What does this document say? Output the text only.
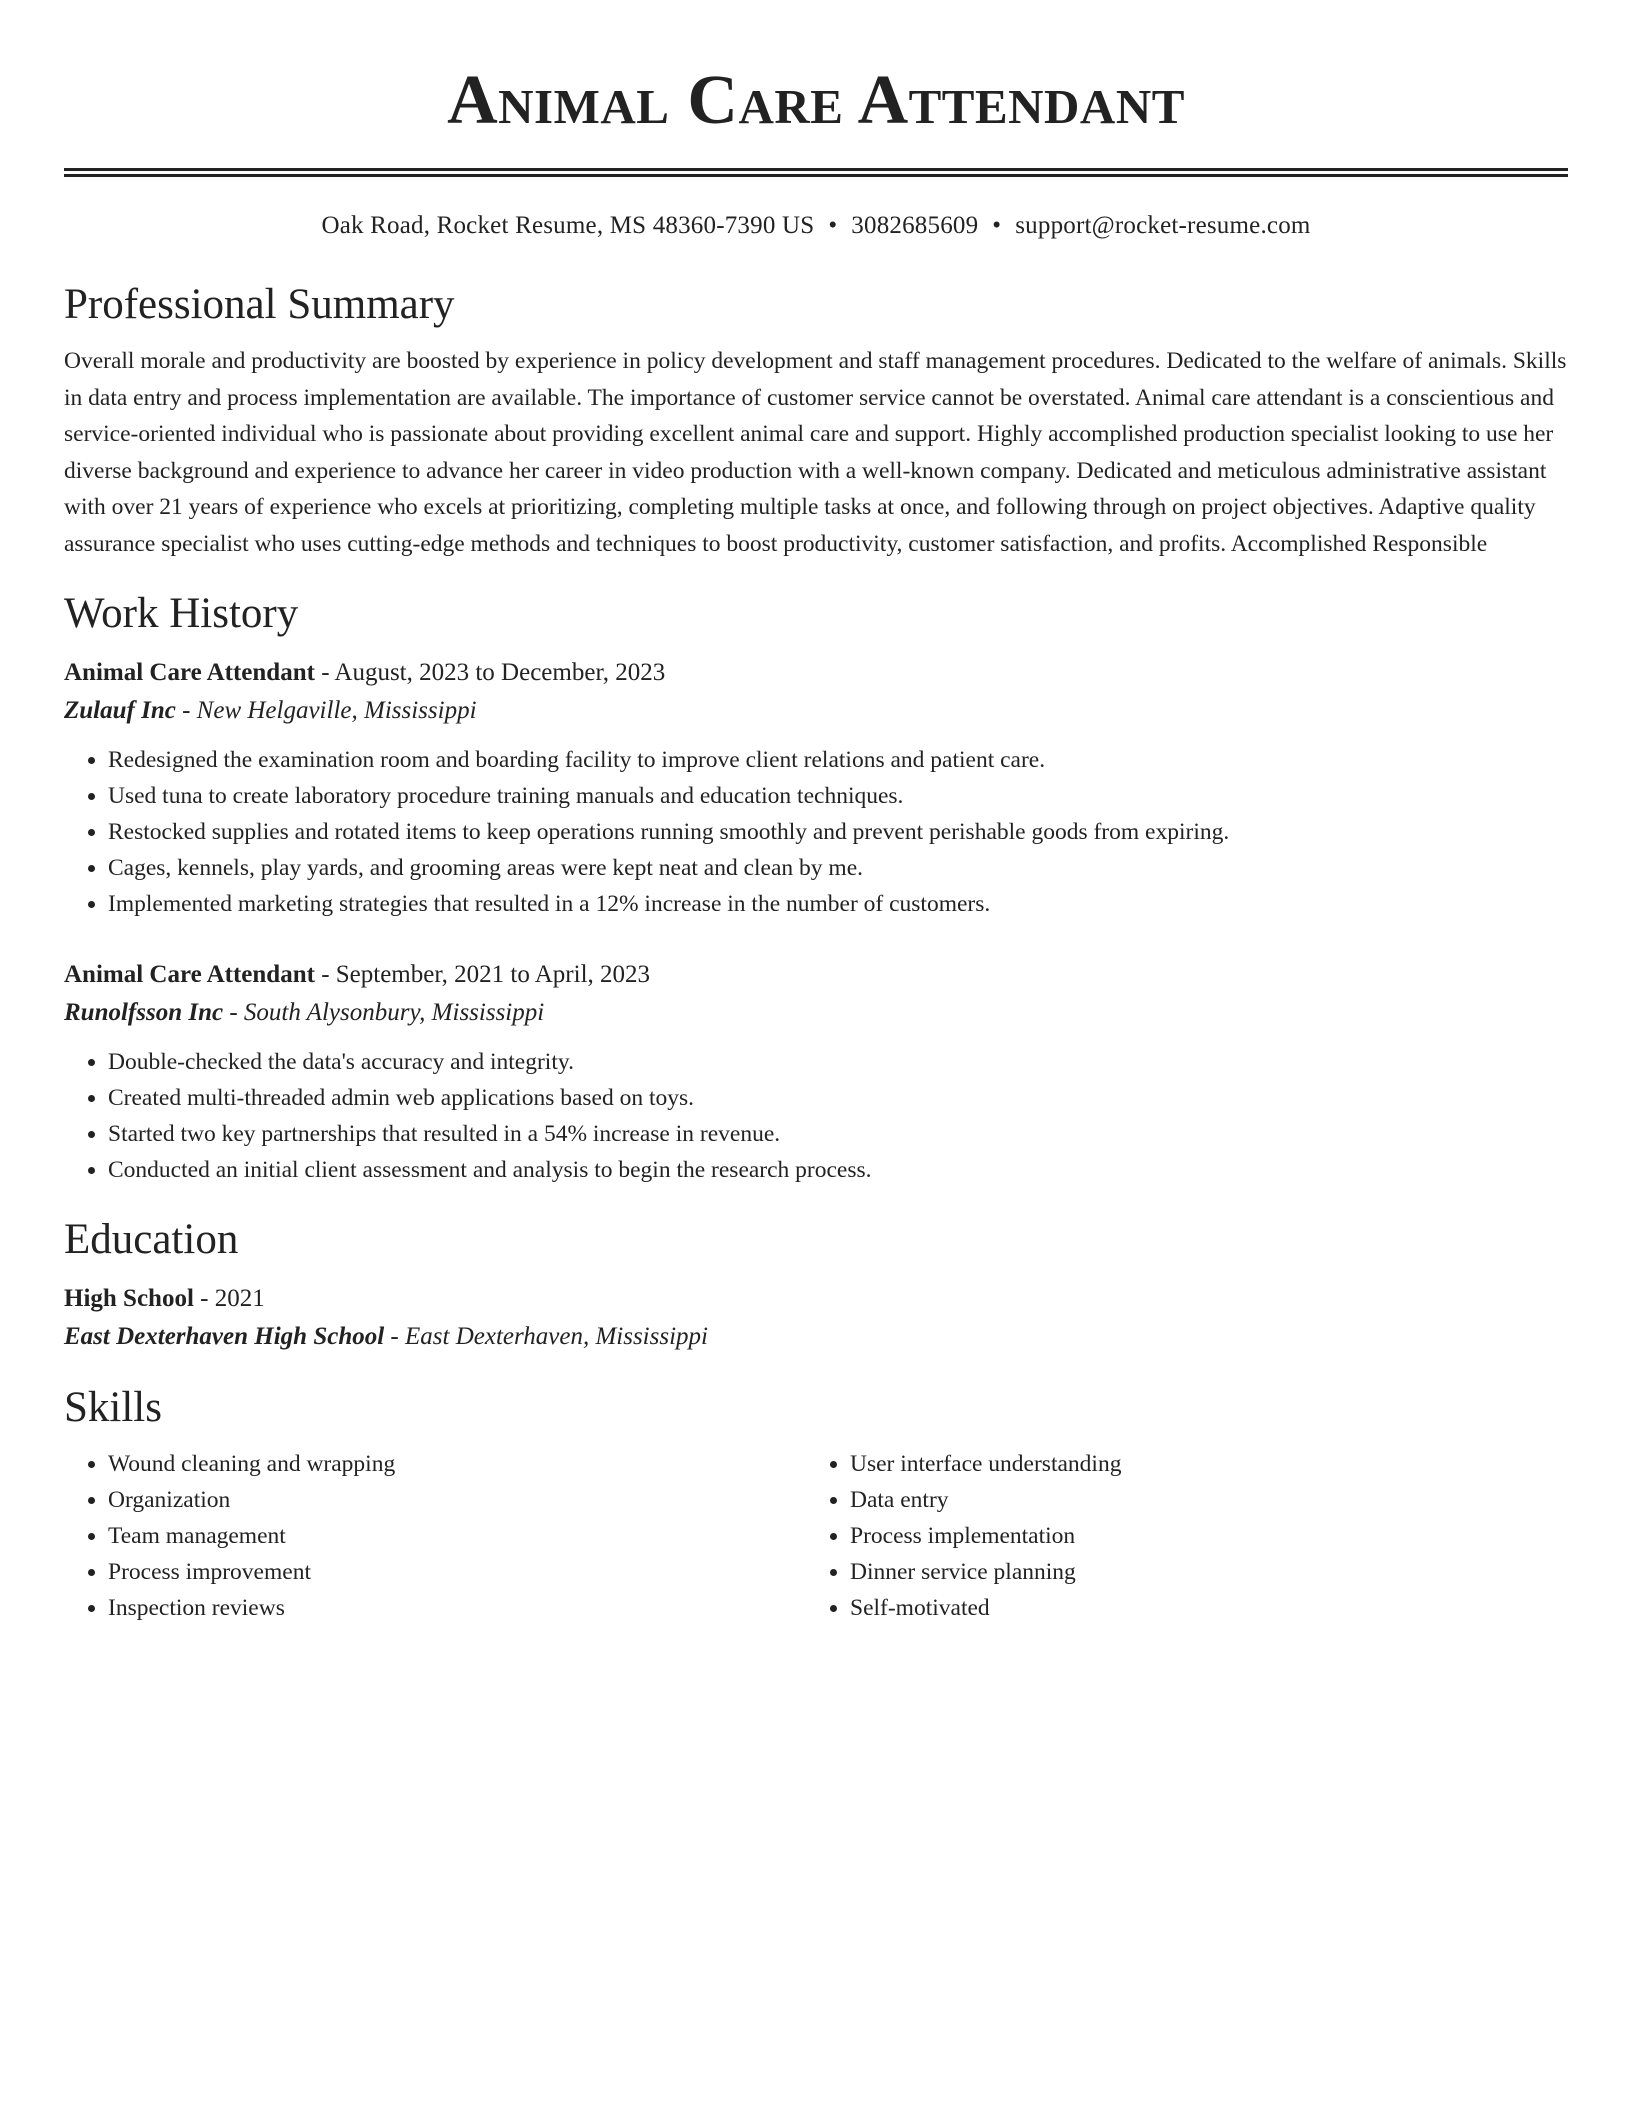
Animal Care Attendant
Oak Road, Rocket Resume, MS 48360-7390 US • 3082685609 • support@rocket-resume.com
Professional Summary
Overall morale and productivity are boosted by experience in policy development and staff management procedures. Dedicated to the welfare of animals. Skills in data entry and process implementation are available. The importance of customer service cannot be overstated. Animal care attendant is a conscientious and service-oriented individual who is passionate about providing excellent animal care and support. Highly accomplished production specialist looking to use her diverse background and experience to advance her career in video production with a well-known company. Dedicated and meticulous administrative assistant with over 21 years of experience who excels at prioritizing, completing multiple tasks at once, and following through on project objectives. Adaptive quality assurance specialist who uses cutting-edge methods and techniques to boost productivity, customer satisfaction, and profits. Accomplished Responsible
Work History
Animal Care Attendant - August, 2023 to December, 2023
Zulauf Inc - New Helgaville, Mississippi
• Redesigned the examination room and boarding facility to improve client relations and patient care.
• Used tuna to create laboratory procedure training manuals and education techniques.
• Restocked supplies and rotated items to keep operations running smoothly and prevent perishable goods from expiring.
• Cages, kennels, play yards, and grooming areas were kept neat and clean by me.
• Implemented marketing strategies that resulted in a 12% increase in the number of customers.
Animal Care Attendant - September, 2021 to April, 2023
Runolfsson Inc - South Alysonbury, Mississippi
• Double-checked the data's accuracy and integrity.
• Created multi-threaded admin web applications based on toys.
• Started two key partnerships that resulted in a 54% increase in revenue.
• Conducted an initial client assessment and analysis to begin the research process.
Education
High School - 2021
East Dexterhaven High School - East Dexterhaven, Mississippi
Skills
• Wound cleaning and wrapping
• Organization
• Team management
• Process improvement
• Inspection reviews
• User interface understanding
• Data entry
• Process implementation
• Dinner service planning
• Self-motivated
